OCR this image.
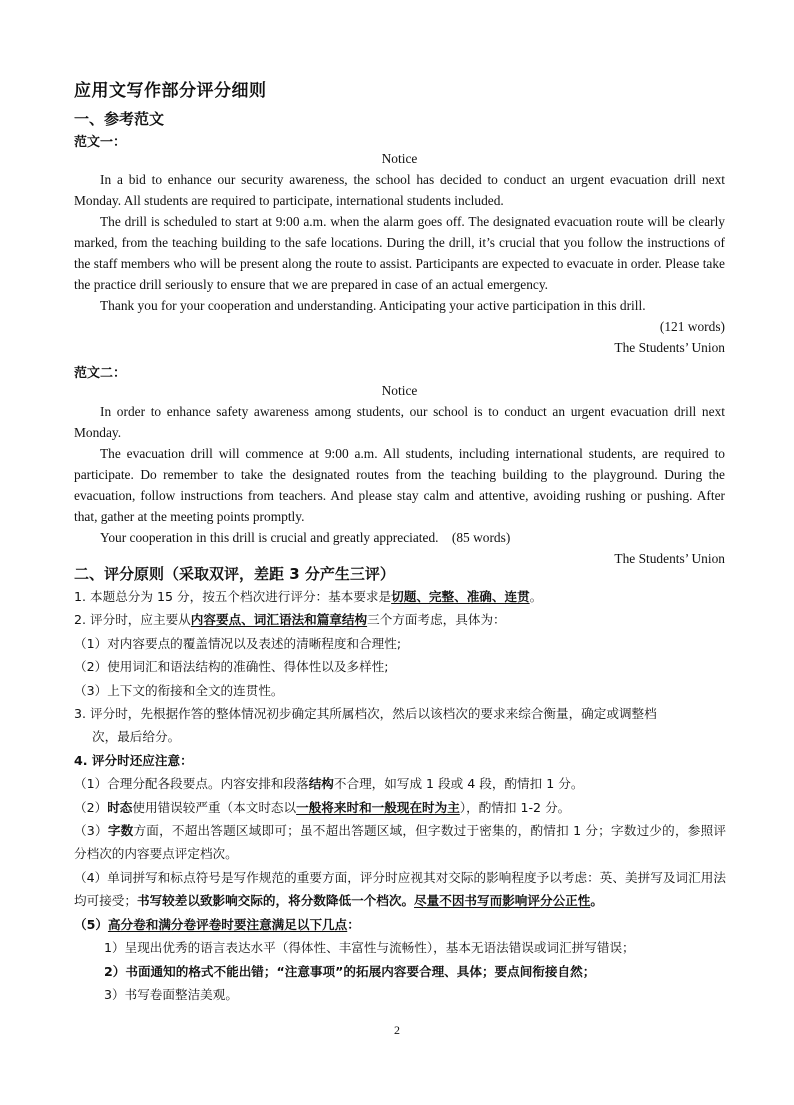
应用文写作部分评分细则
一、参考范文
范文一：

Notice

In a bid to enhance our security awareness, the school has decided to conduct an urgent evacuation drill next Monday. All students are required to participate, international students included.

The drill is scheduled to start at 9:00 a.m. when the alarm goes off. The designated evacuation route will be clearly marked, from the teaching building to the safe locations. During the drill, it’s crucial that you follow the instructions of the staff members who will be present along the route to assist. Participants are expected to evacuate in order. Please take the practice drill seriously to ensure that we are prepared in case of an actual emergency.

Thank you for your cooperation and understanding. Anticipating your active participation in this drill.

(121 words)

The Students’ Union

范文二：

Notice

In order to enhance safety awareness among students, our school is to conduct an urgent evacuation drill next Monday.

The evacuation drill will commence at 9:00 a.m. All students, including international students, are required to participate. Do remember to take the designated routes from the teaching building to the playground. During the evacuation, follow instructions from teachers. And please stay calm and attentive, avoiding rushing or pushing. After that, gather at the meeting points promptly.

Your cooperation in this drill is crucial and greatly appreciated. (85 words)

The Students’ Union

二、评分原则（采取双评，差距 3 分产生三评）
1. 本题总分为 15 分，按五个档次进行评分：基本要求是切题、完整、准确、连贯。
2. 评分时，应主要从内容要点、词汇语法和篇章结构三个方面考虑，具体为：
（1）对内容要点的覆盖情况以及表述的清晰程度和合理性;
（2）使用词汇和语法结构的准确性、得体性以及多样性;
（3）上下文的衔接和全文的连贯性。
3. 评分时，先根据作答的整体情况初步确定其所属档次，然后以该档次的要求来综合衡量，确定或调整档
次，最后给分。
4. 评分时还应注意：
（1）合理分配各段要点。内容安排和段落结构不合理，如写成 1 段或 4 段，酌情扣 1 分。
（2）时态使用错误较严重（本文时态以一般将来时和一般现在时为主），酌情扣 1-2 分。
（3）字数方面，不超出答题区域即可；虽不超出答题区域，但字数过于密集的，酌情扣 1 分；字数过少的，参照评分档次的内容要点评定档次。
（4）单词拼写和标点符号是写作规范的重要方面，评分时应视其对交际的影响程度予以考虑：英、美拼写及词汇用法均可接受；书写较差以致影响交际的，将分数降低一个档次。尽量不因书写而影响评分公正性。
（5）高分卷和满分卷评卷时要注意满足以下几点：
1）呈现出优秀的语言表达水平（得体性、丰富性与流畅性），基本无语法错误或词汇拼写错误；
2）书面通知的格式不能出错；“注意事项”的拓展内容要合理、具体；要点间衔接自然；
3）书写卷面整洁美观。
2
